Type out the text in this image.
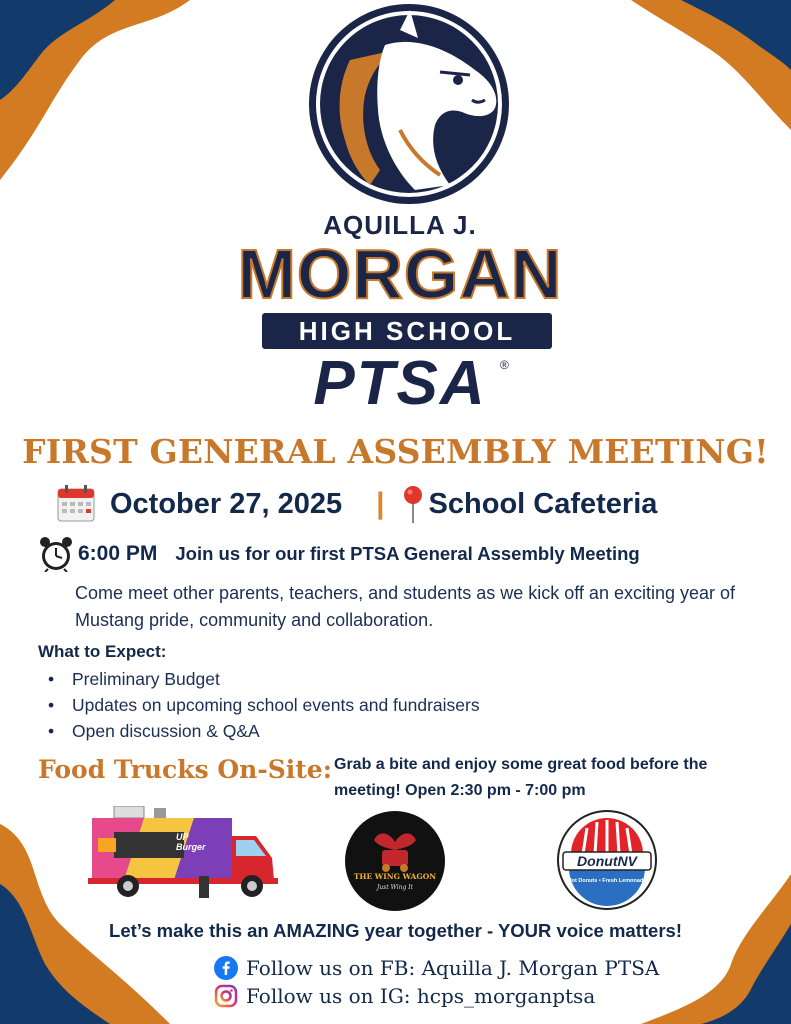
AQUILLA J.
MORGAN
HIGH SCHOOL
PTSA	®
FIRST GENERAL ASSEMBLY MEETING!
October 27, 2025 | School Cafeteria
6:00 PM Join us for our first PTSA General Assembly Meeting
Come meet other parents, teachers, and students as we kick off an exciting year of Mustang pride, community and collaboration.
What to Expect:
• Preliminary Budget
• Updates on upcoming school events and fundraisers
• Open discussion & Q&A
Food Trucks On-Site: Grab a bite and enjoy some great food before the meeting! Open 2:30 pm - 7:00 pm
UP Burger
THE WING WAGON
Just Wing It
DonutNV
Hot Donuts • Fresh Lemonade
Let’s make this an AMAZING year together - YOUR voice matters!
Follow us on FB: Aquilla J. Morgan PTSA
Follow us on IG: hcps_morganptsa
